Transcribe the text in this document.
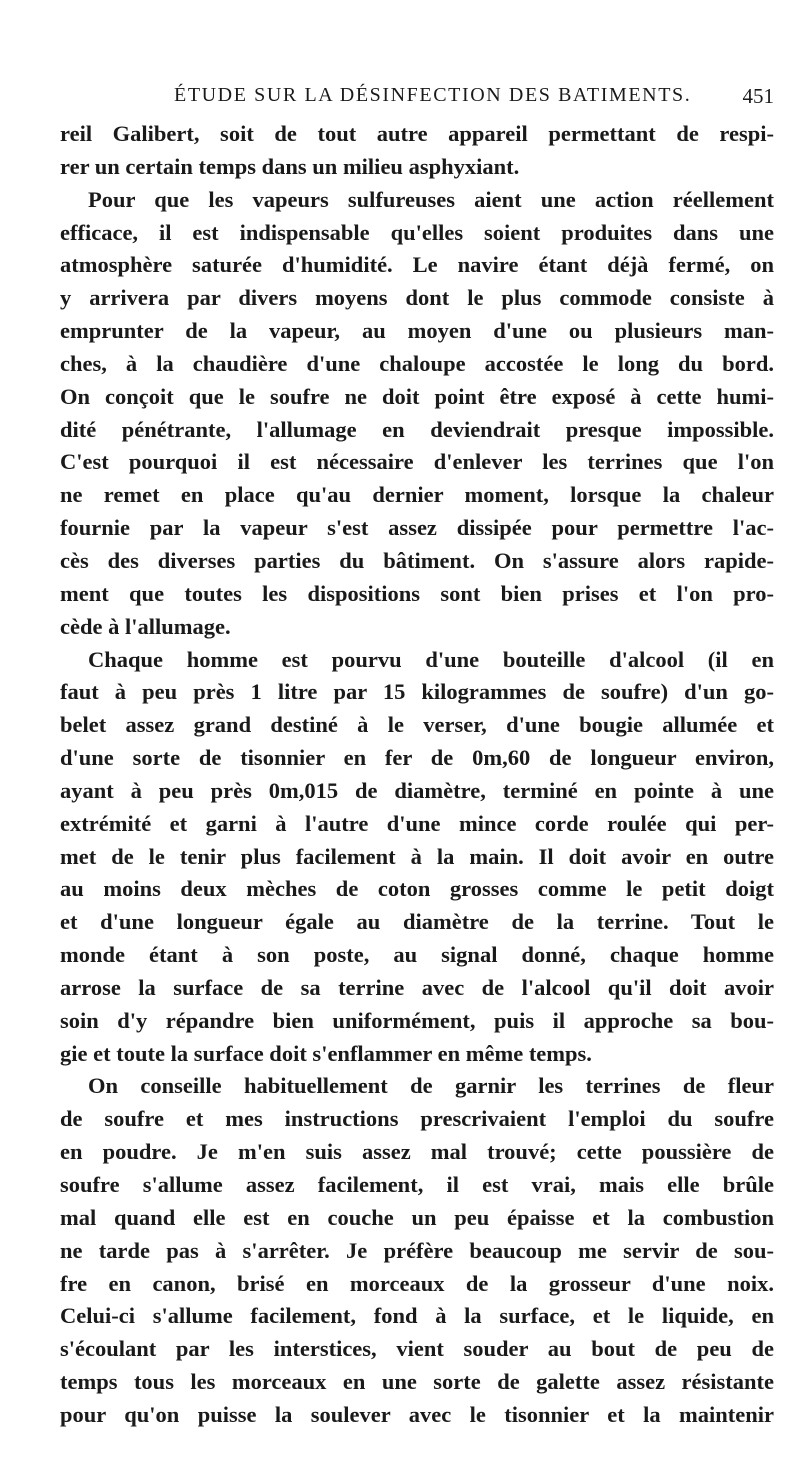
ÉTUDE SUR LA DÉSINFECTION DES BATIMENTS. 451
reil Galibert, soit de tout autre appareil permettant de respi-
rer un certain temps dans un milieu asphyxiant.
Pour que les vapeurs sulfureuses aient une action réellement
efficace, il est indispensable qu'elles soient produites dans une
atmosphère saturée d'humidité. Le navire étant déjà fermé, on
y arrivera par divers moyens dont le plus commode consiste à
emprunter de la vapeur, au moyen d'une ou plusieurs man-
ches, à la chaudière d'une chaloupe accostée le long du bord.
On conçoit que le soufre ne doit point être exposé à cette humi-
dité pénétrante, l'allumage en deviendrait presque impossible.
C'est pourquoi il est nécessaire d'enlever les terrines que l'on
ne remet en place qu'au dernier moment, lorsque la chaleur
fournie par la vapeur s'est assez dissipée pour permettre l'ac-
cès des diverses parties du bâtiment. On s'assure alors rapide-
ment que toutes les dispositions sont bien prises et l'on pro-
cède à l'allumage.
Chaque homme est pourvu d'une bouteille d'alcool (il en
faut à peu près 1 litre par 15 kilogrammes de soufre) d'un go-
belet assez grand destiné à le verser, d'une bougie allumée et
d'une sorte de tisonnier en fer de 0m,60 de longueur environ,
ayant à peu près 0m,015 de diamètre, terminé en pointe à une
extrémité et garni à l'autre d'une mince corde roulée qui per-
met de le tenir plus facilement à la main. Il doit avoir en outre
au moins deux mèches de coton grosses comme le petit doigt
et d'une longueur égale au diamètre de la terrine. Tout le
monde étant à son poste, au signal donné, chaque homme
arrose la surface de sa terrine avec de l'alcool qu'il doit avoir
soin d'y répandre bien uniformément, puis il approche sa bou-
gie et toute la surface doit s'enflammer en même temps.
On conseille habituellement de garnir les terrines de fleur
de soufre et mes instructions prescrivaient l'emploi du soufre
en poudre. Je m'en suis assez mal trouvé; cette poussière de
soufre s'allume assez facilement, il est vrai, mais elle brûle
mal quand elle est en couche un peu épaisse et la combustion
ne tarde pas à s'arrêter. Je préfère beaucoup me servir de sou-
fre en canon, brisé en morceaux de la grosseur d'une noix.
Celui-ci s'allume facilement, fond à la surface, et le liquide, en
s'écoulant par les interstices, vient souder au bout de peu de
temps tous les morceaux en une sorte de galette assez résistante
pour qu'on puisse la soulever avec le tisonnier et la maintenir
